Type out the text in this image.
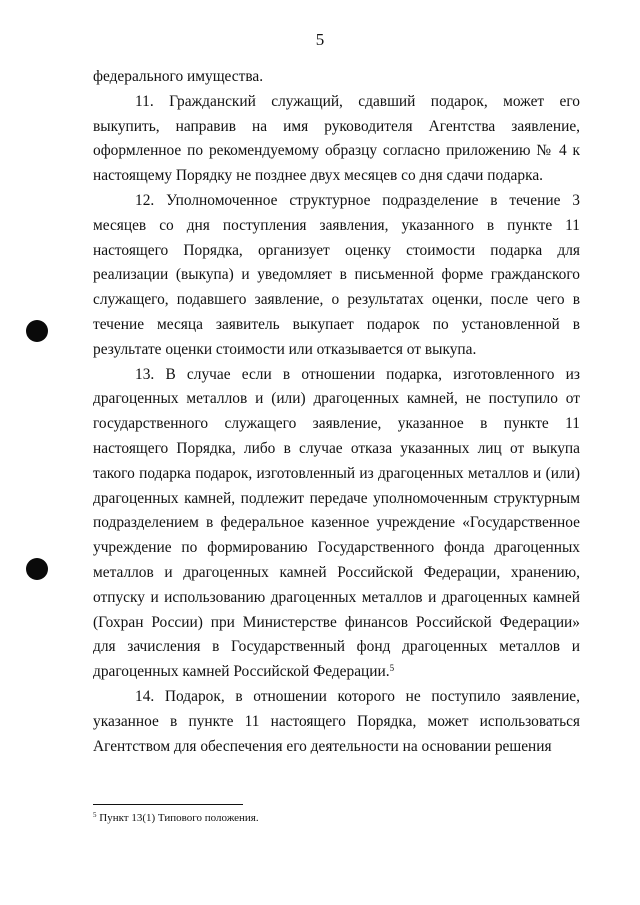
5

федерального имущества.

11. Гражданский служащий, сдавший подарок, может его выкупить, направив на имя руководителя Агентства заявление, оформленное по рекомендуемому образцу согласно приложению № 4 к настоящему Порядку не позднее двух месяцев со дня сдачи подарка.

12. Уполномоченное структурное подразделение в течение 3 месяцев со дня поступления заявления, указанного в пункте 11 настоящего Порядка, организует оценку стоимости подарка для реализации (выкупа) и уведомляет в письменной форме гражданского служащего, подавшего заявление, о результатах оценки, после чего в течение месяца заявитель выкупает подарок по установленной в результате оценки стоимости или отказывается от выкупа.

13. В случае если в отношении подарка, изготовленного из драгоценных металлов и (или) драгоценных камней, не поступило от государственного служащего заявление, указанное в пункте 11 настоящего Порядка, либо в случае отказа указанных лиц от выкупа такого подарка подарок, изготовленный из драгоценных металлов и (или) драгоценных камней, подлежит передаче уполномоченным структурным подразделением в федеральное казенное учреждение «Государственное учреждение по формированию Государственного фонда драгоценных металлов и драгоценных камней Российской Федерации, хранению, отпуску и использованию драгоценных металлов и драгоценных камней (Гохран России) при Министерстве финансов Российской Федерации» для зачисления в Государственный фонд драгоценных металлов и драгоценных камней Российской Федерации.$^5$

14. Подарок, в отношении которого не поступило заявление, указанное в пункте 11 настоящего Порядка, может использоваться Агентством для обеспечения его деятельности на основании решения

$^5$ Пункт 13(1) Типового положения.
